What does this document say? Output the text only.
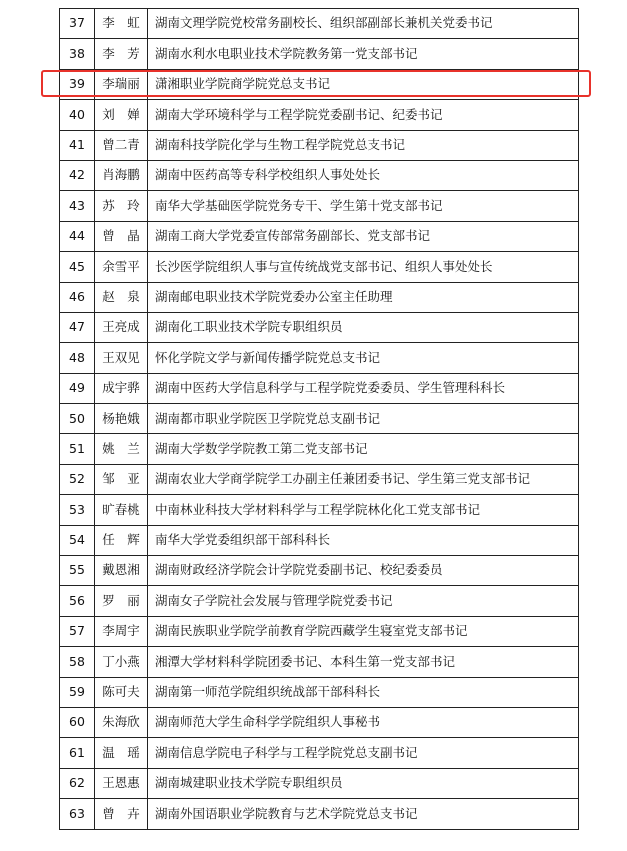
37	李　虹	湖南文理学院党校常务副校长、组织部副部长兼机关党委书记
38	李　芳	湖南水利水电职业技术学院教务第一党支部书记
39	李瑞丽	潇湘职业学院商学院党总支书记
40	刘　婵	湖南大学环境科学与工程学院党委副书记、纪委书记
41	曾二青	湖南科技学院化学与生物工程学院党总支书记
42	肖海鹏	湖南中医药高等专科学校组织人事处处长
43	苏　玲	南华大学基础医学院党务专干、学生第十党支部书记
44	曾　晶	湖南工商大学党委宣传部常务副部长、党支部书记
45	余雪平	长沙医学院组织人事与宣传统战党支部书记、组织人事处处长
46	赵　泉	湖南邮电职业技术学院党委办公室主任助理
47	王亮成	湖南化工职业技术学院专职组织员
48	王双见	怀化学院文学与新闻传播学院党总支书记
49	成宇骅	湖南中医药大学信息科学与工程学院党委委员、学生管理科科长
50	杨艳娥	湖南都市职业学院医卫学院党总支副书记
51	姚　兰	湖南大学数学学院教工第二党支部书记
52	邹　亚	湖南农业大学商学院学工办副主任兼团委书记、学生第三党支部书记
53	旷春桃	中南林业科技大学材料科学与工程学院林化化工党支部书记
54	任　辉	南华大学党委组织部干部科科长
55	戴恩湘	湖南财政经济学院会计学院党委副书记、校纪委委员
56	罗　丽	湖南女子学院社会发展与管理学院党委书记
57	李周宇	湖南民族职业学院学前教育学院西藏学生寝室党支部书记
58	丁小燕	湘潭大学材料科学院团委书记、本科生第一党支部书记
59	陈可夫	湖南第一师范学院组织统战部干部科科长
60	朱海欣	湖南师范大学生命科学学院组织人事秘书
61	温　瑶	湖南信息学院电子科学与工程学院党总支副书记
62	王恩惠	湖南城建职业技术学院专职组织员
63	曾　卉	湖南外国语职业学院教育与艺术学院党总支书记
